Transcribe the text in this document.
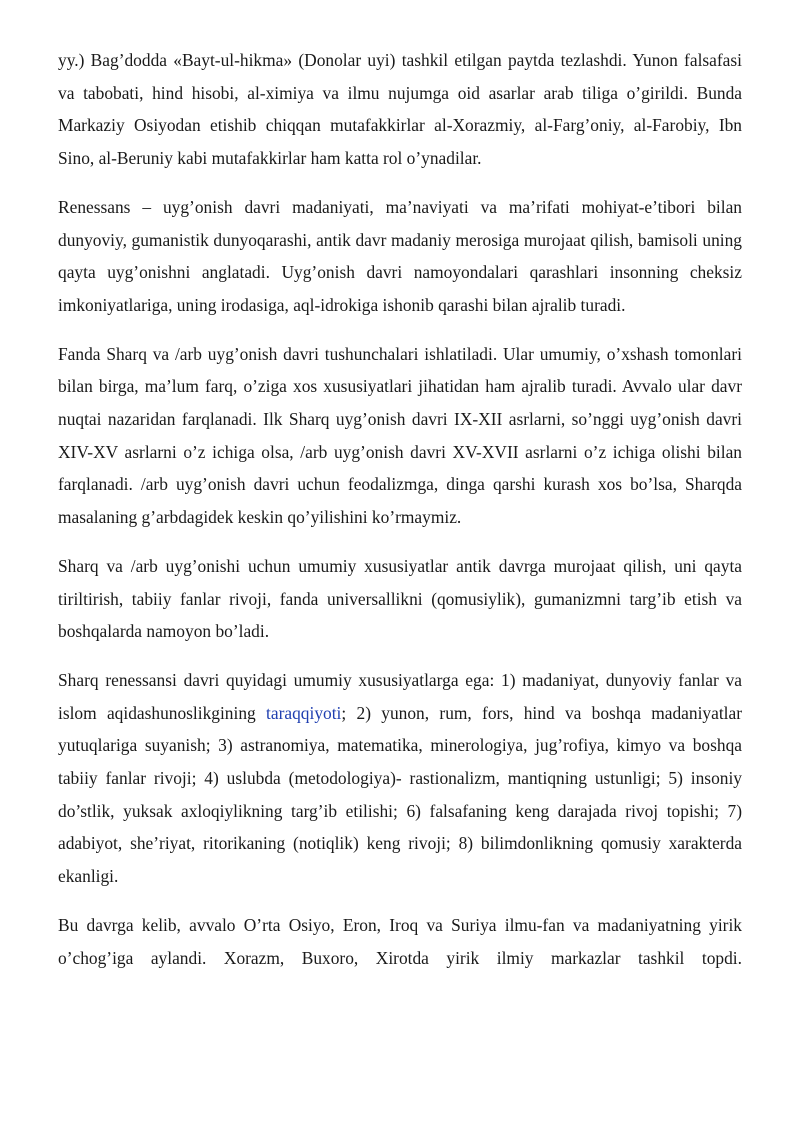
yy.) Bag’dodda «Bayt-ul-hikma» (Donolar uyi) tashkil etilgan paytda tezlashdi. Yunon falsafasi va tabobati, hind hisobi, al-ximiya va ilmu nujumga oid asarlar arab tiliga o’girildi. Bunda Markaziy Osiyodan etishib chiqqan mutafakkirlar al-Xorazmiy, al-Farg’oniy, al-Farobiy, Ibn Sino, al-Beruniy kabi mutafakkirlar ham katta rol o’ynadilar.

Renessans – uyg’onish davri madaniyati, ma’naviyati va ma’rifati mohiyat-e’tibori bilan dunyoviy, gumanistik dunyoqarashi, antik davr madaniy merosiga murojaat qilish, bamisoli uning qayta uyg’onishni anglatadi. Uyg’onish davri namoyondalari qarashlari insonning cheksiz imkoniyatlariga, uning irodasiga, aql-idrokiga ishonib qarashi bilan ajralib turadi.

Fanda Sharq va /arb uyg’onish davri tushunchalari ishlatiladi. Ular umumiy, o’xshash tomonlari bilan birga, ma’lum farq, o’ziga xos xususiyatlari jihatidan ham ajralib turadi. Avvalo ular davr nuqtai nazaridan farqlanadi. Ilk Sharq uyg’onish davri IX-XII asrlarni, so’nggi uyg’onish davri XIV-XV asrlarni o’z ichiga olsa, /arb uyg’onish davri XV-XVII asrlarni o’z ichiga olishi bilan farqlanadi. /arb uyg’onish davri uchun feodalizmga, dinga qarshi kurash xos bo’lsa, Sharqda masalaning g’arbdagidek keskin qo’yilishini ko’rmaymiz.

Sharq va /arb uyg’onishi uchun umumiy xususiyatlar antik davrga murojaat qilish, uni qayta tiriltirish, tabiiy fanlar rivoji, fanda universallikni (qomusiylik), gumanizmni targ’ib etish va boshqalarda namoyon bo’ladi.

Sharq renessansi davri quyidagi umumiy xususiyatlarga ega: 1) madaniyat, dunyoviy fanlar va islom aqidashunoslikgining taraqqiyoti; 2) yunon, rum, fors, hind va boshqa madaniyatlar yutuqlariga suyanish; 3) astranomiya, matematika, minerologiya, jug’rofiya, kimyo va boshqa tabiiy fanlar rivoji; 4) uslubda (metodologiya)- rastionalizm, mantiqning ustunligi; 5) insoniy do’stlik, yuksak axloqiylikning targ’ib etilishi; 6) falsafaning keng darajada rivoj topishi; 7) adabiyot, she’riyat, ritorikaning (notiqlik) keng rivoji; 8) bilimdonlikning qomusiy xarakterda ekanligi.

Bu davrga kelib, avvalo O’rta Osiyo, Eron, Iroq va Suriya ilmu-fan va madaniyatning yirik o’chog’iga aylandi. Xorazm, Buxoro, Xirotda yirik ilmiy markazlar tashkil topdi.
